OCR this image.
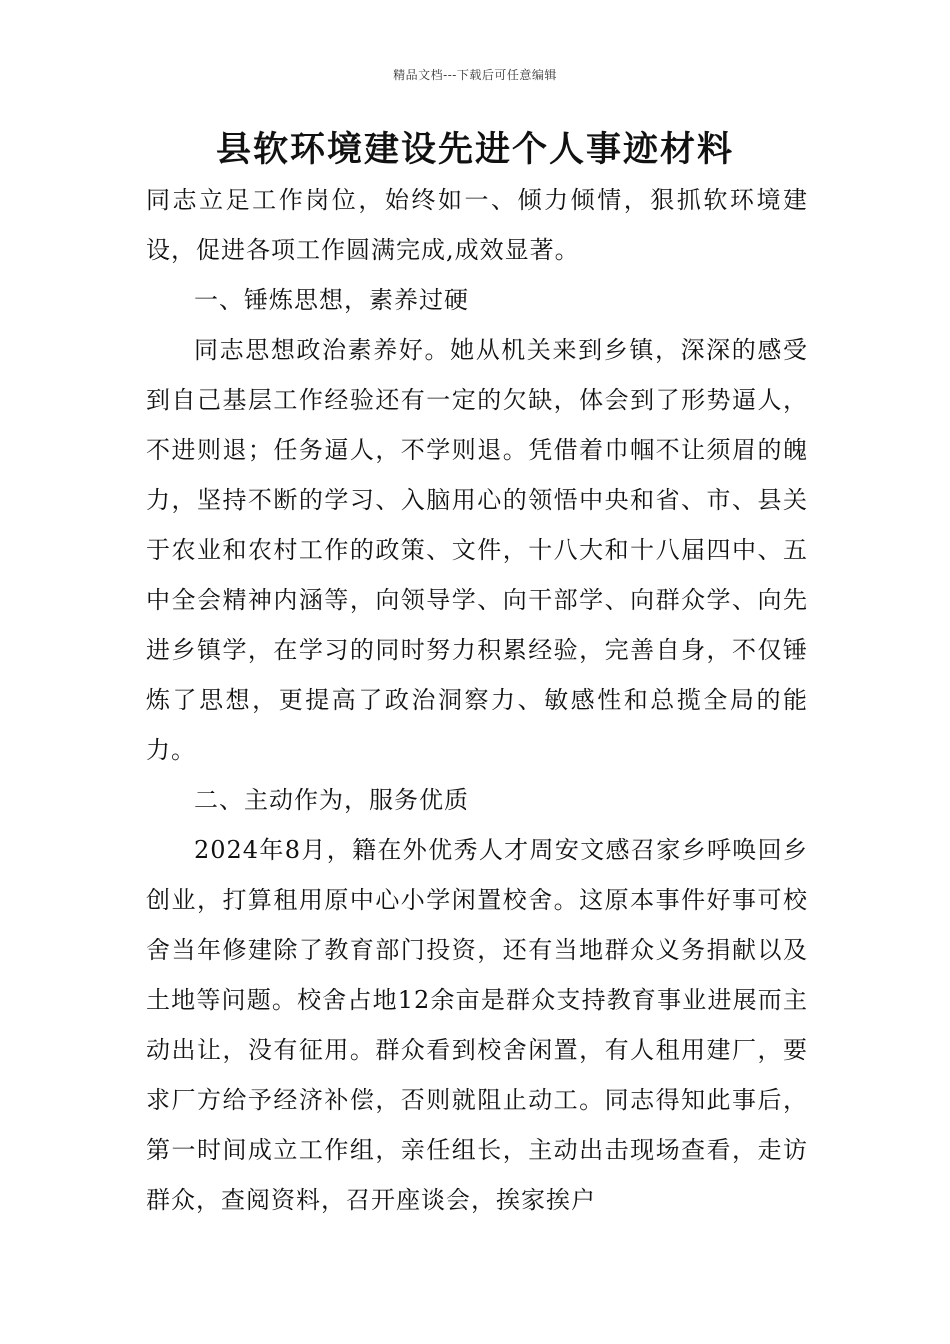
精品文档---下载后可任意编辑
县软环境建设先进个人事迹材料

同志立足工作岗位，始终如一、倾力倾情，狠抓软环境建设，促进各项工作圆满完成,成效显著。

一、锤炼思想，素养过硬

同志思想政治素养好。她从机关来到乡镇，深深的感受到自己基层工作经验还有一定的欠缺，体会到了形势逼人，不进则退；任务逼人，不学则退。凭借着巾帼不让须眉的魄力，坚持不断的学习、入脑用心的领悟中央和省、市、县关于农业和农村工作的政策、文件，十八大和十八届四中、五中全会精神内涵等，向领导学、向干部学、向群众学、向先进乡镇学，在学习的同时努力积累经验，完善自身，不仅锤炼了思想，更提高了政治洞察力、敏感性和总揽全局的能力。

二、主动作为，服务优质

2024年8月，籍在外优秀人才周安文感召家乡呼唤回乡创业，打算租用原中心小学闲置校舍。这原本事件好事可校舍当年修建除了教育部门投资，还有当地群众义务捐献以及土地等问题。校舍占地12余亩是群众支持教育事业进展而主动出让，没有征用。群众看到校舍闲置，有人租用建厂，要求厂方给予经济补偿，否则就阻止动工。同志得知此事后，第一时间成立工作组，亲任组长，主动出击现场查看，走访群众，查阅资料，召开座谈会，挨家挨户
